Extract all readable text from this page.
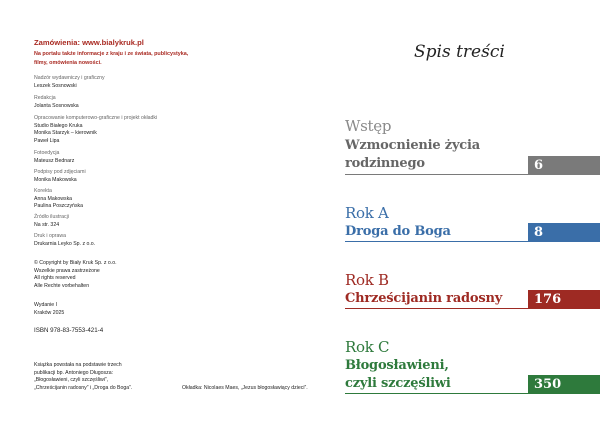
Zamówienia: www.bialykruk.pl
Na portalu także informacje z kraju i ze świata, publicystyka,
filmy, omówienia nowości.
Nadzór wydawniczy i graficzny
Leszek Sosnowski
Redakcja
Jolanta Sosnowska
Opracowanie komputerowo-graficzne i projekt okładki
Studio Białego Kruka
Monika Starzyk – kierownik
Paweł Lipa
Fotoedycja
Mateusz Bednarz
Podpisy pod zdjęciami
Monika Makowska
Korekta
Anna Makowska
Paulina Poszczyńska
Źródło ilustracji
Na str. 324
Druk i oprawa
Drukarnia Leyko Sp. z o.o.
© Copyright by Biały Kruk Sp. z o.o.
Wszelkie prawa zastrzeżone
All rights reserved
Alle Rechte vorbehalten
Wydanie I
Kraków 2025
ISBN 978-83-7553-421-4
Książka powstała na podstawie trzech
publikacji bp. Antoniego Długosza:
„Błogosławieni, czyli szczęśliwi”,
„Chrześcijanin radosny” i „Droga do Boga”.	Okładka: Nicolaes Maes, „Jezus błogosławiący dzieci”.
Spis treści
Wstęp
Wzmocnienie życia
rodzinnego	6
Rok A
Droga do Boga	8
Rok B
Chrześcijanin radosny	176
Rok C
Błogosławieni,
czyli szczęśliwi	350
